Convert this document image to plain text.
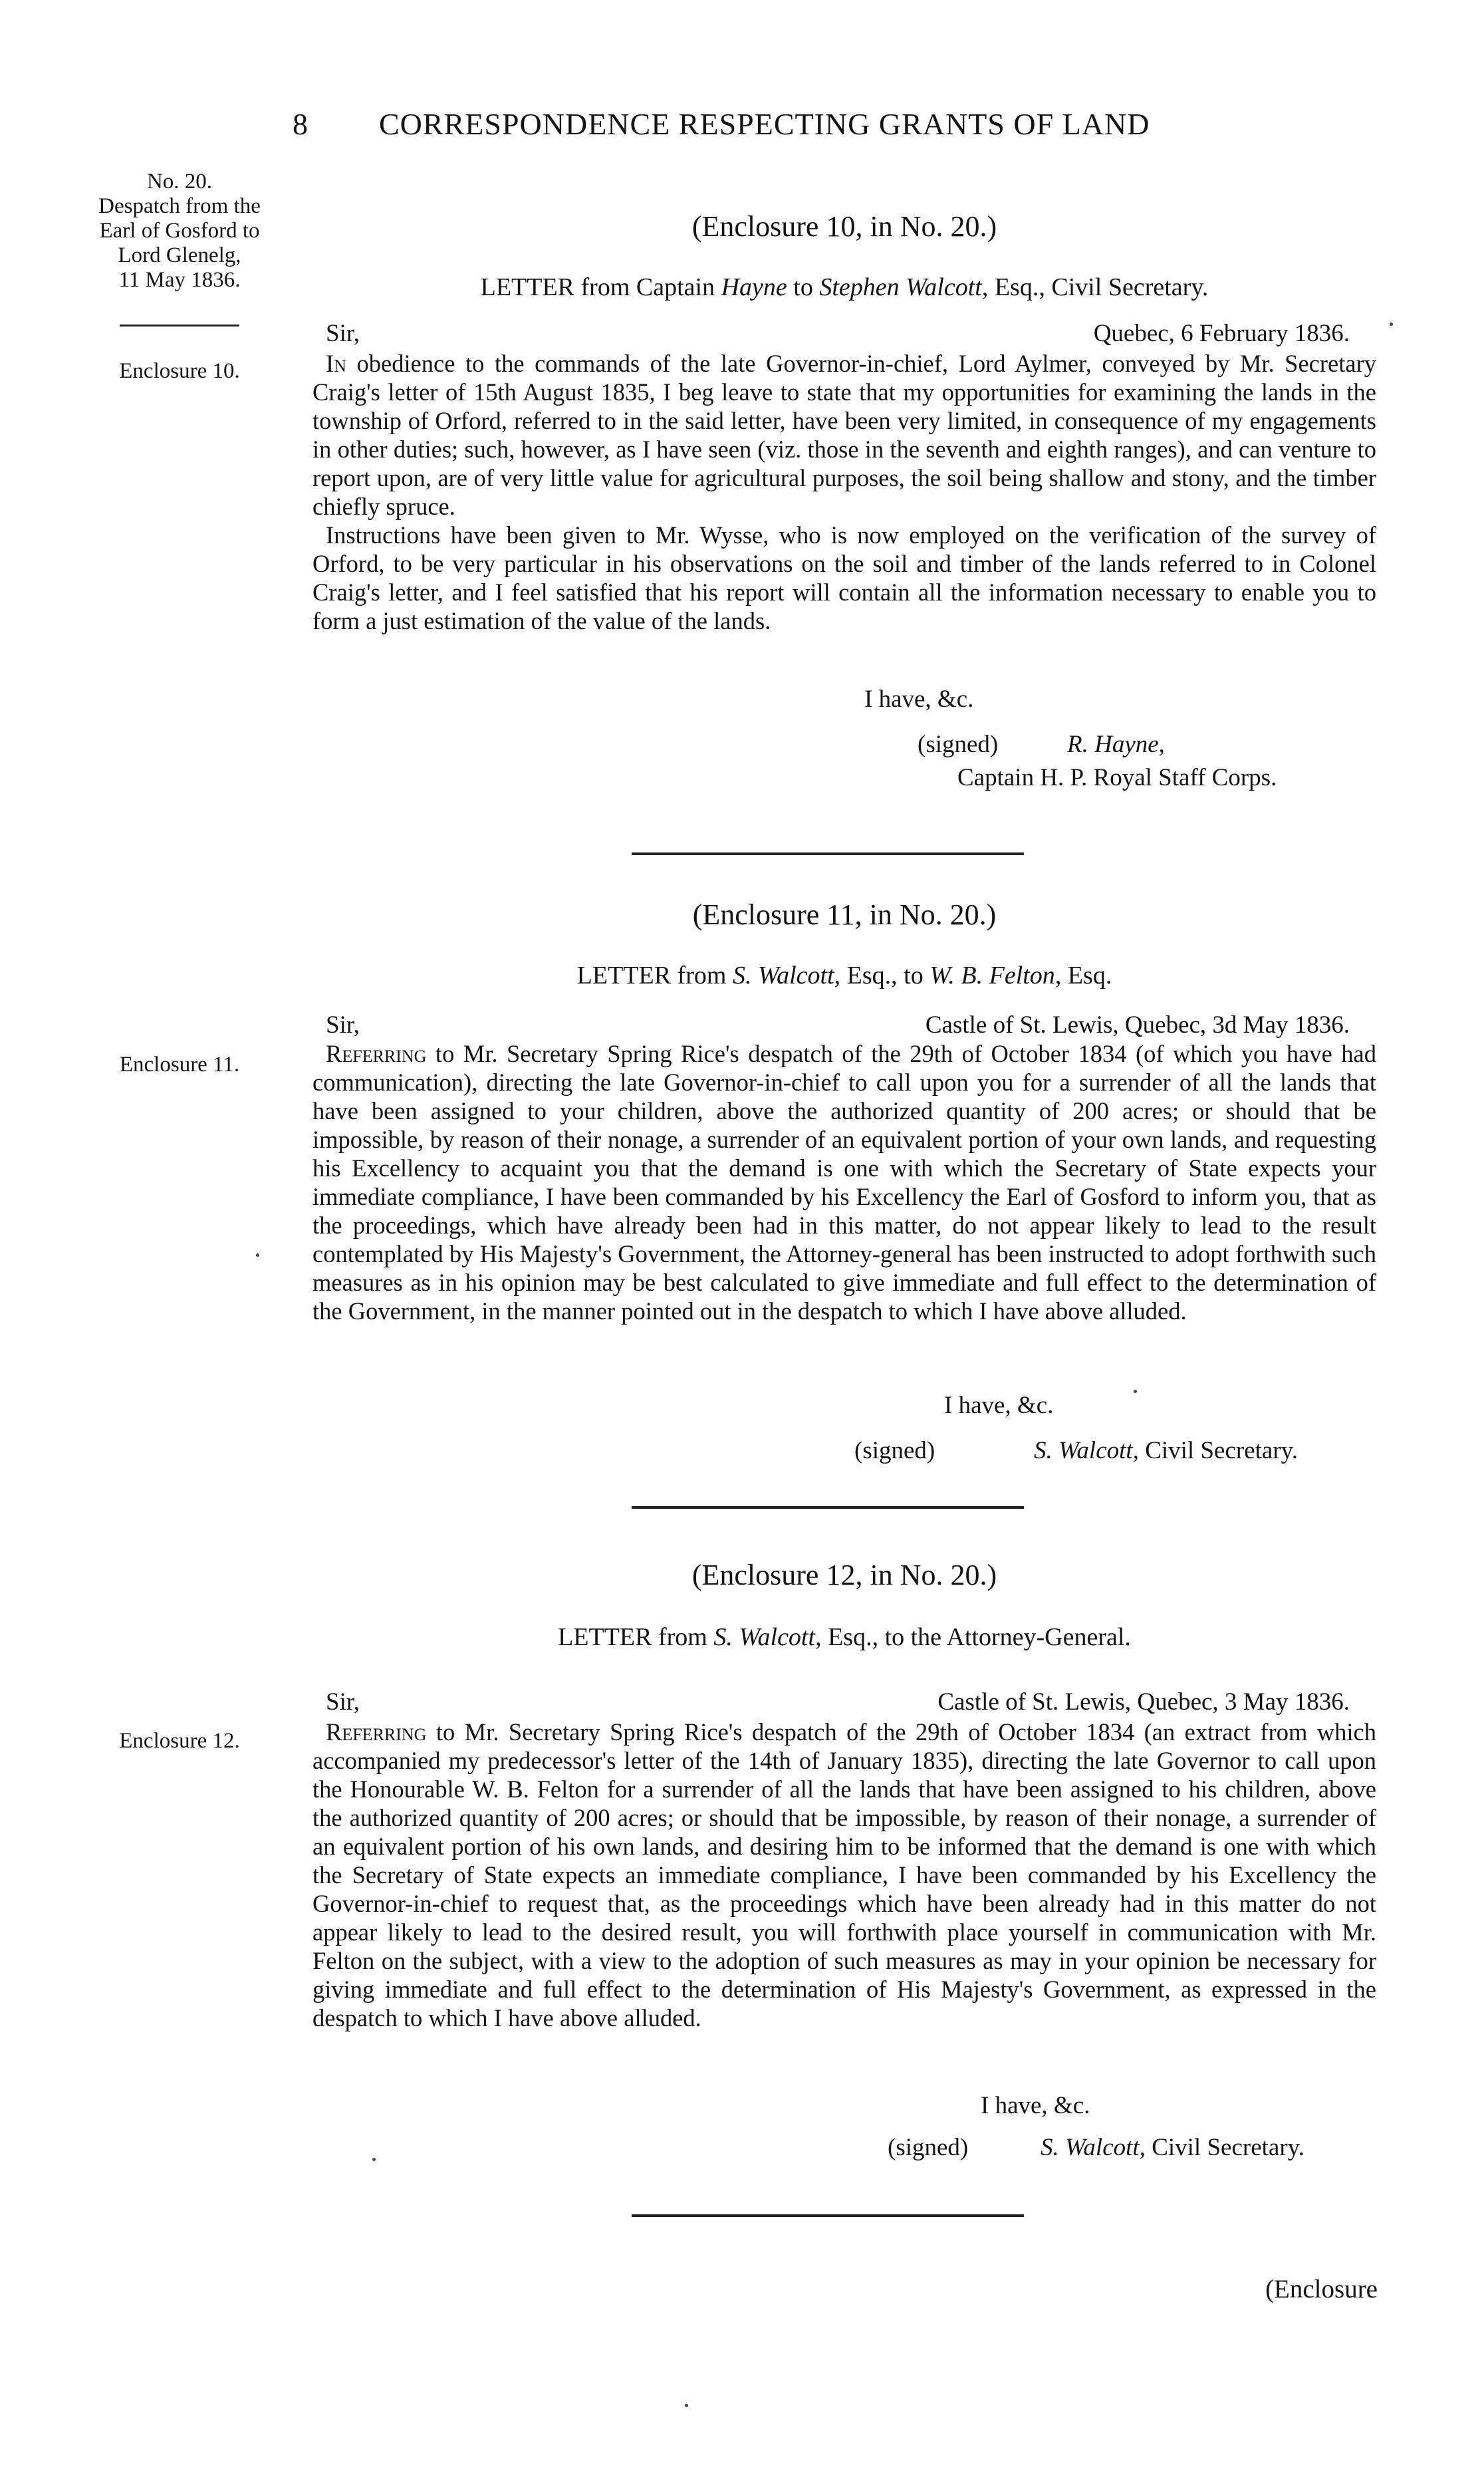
8 CORRESPONDENCE RESPECTING GRANTS OF LAND
No. 20.
Despatch from the
Earl of Gosford to
Lord Glenelg,
11 May 1836.
Enclosure 10.
Enclosure 11.
Enclosure 12.
(Enclosure 10, in No. 20.)
LETTER from Captain Hayne to Stephen Walcott, Esq., Civil Secretary.
Sir,	Quebec, 6 February 1836.

In obedience to the commands of the late Governor-in-chief, Lord Aylmer, conveyed by Mr. Secretary Craig's letter of 15th August 1835, I beg leave to state that my opportunities for examining the lands in the township of Orford, referred to in the said letter, have been very limited, in consequence of my engagements in other duties; such, however, as I have seen (viz. those in the seventh and eighth ranges), and can venture to report upon, are of very little value for agricultural purposes, the soil being shallow and stony, and the timber chiefly spruce.

Instructions have been given to Mr. Wysse, who is now employed on the verification of the survey of Orford, to be very particular in his observations on the soil and timber of the lands referred to in Colonel Craig's letter, and I feel satisfied that his report will contain all the information necessary to enable you to form a just estimation of the value of the lands.

I have, &c.
(signed)	R. Hayne,
Captain H. P. Royal Staff Corps.
(Enclosure 11, in No. 20.)
LETTER from S. Walcott, Esq., to W. B. Felton, Esq.
Sir,	Castle of St. Lewis, Quebec, 3d May 1836.

Referring to Mr. Secretary Spring Rice's despatch of the 29th of October 1834 (of which you have had communication), directing the late Governor-in-chief to call upon you for a surrender of all the lands that have been assigned to your children, above the authorized quantity of 200 acres; or should that be impossible, by reason of their nonage, a surrender of an equivalent portion of your own lands, and requesting his Excellency to acquaint you that the demand is one with which the Secretary of State expects your immediate compliance, I have been commanded by his Excellency the Earl of Gosford to inform you, that as the proceedings, which have already been had in this matter, do not appear likely to lead to the result contemplated by His Majesty's Government, the Attorney-general has been instructed to adopt forthwith such measures as in his opinion may be best calculated to give immediate and full effect to the determination of the Government, in the manner pointed out in the despatch to which I have above alluded.

I have, &c.
(signed)	S. Walcott, Civil Secretary.
(Enclosure 12, in No. 20.)
LETTER from S. Walcott, Esq., to the Attorney-General.
Sir,	Castle of St. Lewis, Quebec, 3 May 1836.

Referring to Mr. Secretary Spring Rice's despatch of the 29th of October 1834 (an extract from which accompanied my predecessor's letter of the 14th of January 1835), directing the late Governor to call upon the Honourable W. B. Felton for a surrender of all the lands that have been assigned to his children, above the authorized quantity of 200 acres; or should that be impossible, by reason of their nonage, a surrender of an equivalent portion of his own lands, and desiring him to be informed that the demand is one with which the Secretary of State expects an immediate compliance, I have been commanded by his Excellency the Governor-in-chief to request that, as the proceedings which have been already had in this matter do not appear likely to lead to the desired result, you will forthwith place yourself in communication with Mr. Felton on the subject, with a view to the adoption of such measures as may in your opinion be necessary for giving immediate and full effect to the determination of His Majesty's Government, as expressed in the despatch to which I have above alluded.

I have, &c.
(signed)	S. Walcott, Civil Secretary.
(Enclosure
